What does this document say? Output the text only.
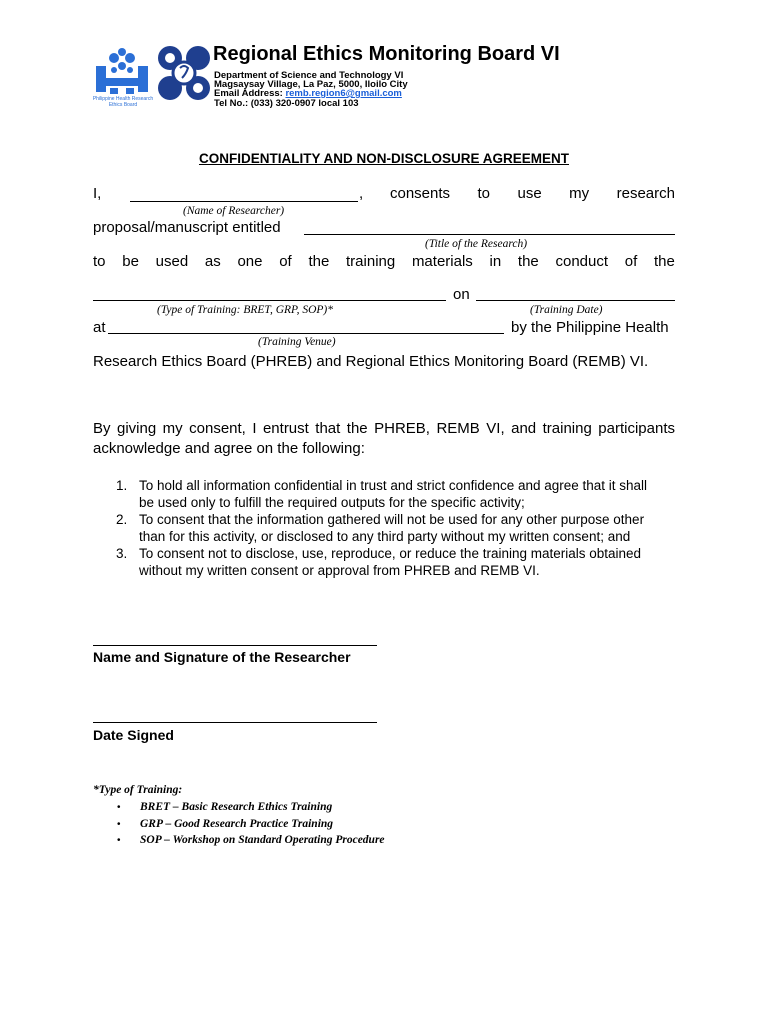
Philippine Health Research Ethics Board
Regional Ethics Monitoring Board VI
Department of Science and Technology VI
Magsaysay Village, La Paz, 5000, Iloilo City
Email Address: remb.region6@gmail.com
Tel No.: (033) 320-0907 local 103
CONFIDENTIALITY AND NON-DISCLOSURE AGREEMENT
I,	, consents to use my research
(Name of Researcher)
proposal/manuscript entitled
(Title of the Research)
to be used as one of the training materials in the conduct of the
on
(Type of Training: BRET, GRP, SOP)*	(Training Date)
at	by the Philippine Health
(Training Venue)
Research Ethics Board (PHREB) and Regional Ethics Monitoring Board (REMB) VI.
By giving my consent, I entrust that the PHREB, REMB VI, and training participants
acknowledge and agree on the following:
1. To hold all information confidential in trust and strict confidence and agree that it shall
be used only to fulfill the required outputs for the specific activity;
2. To consent that the information gathered will not be used for any other purpose other
than for this activity, or disclosed to any third party without my written consent; and
3. To consent not to disclose, use, reproduce, or reduce the training materials obtained
without my written consent or approval from PHREB and REMB VI.
Name and Signature of the Researcher
Date Signed
*Type of Training:
• BRET – Basic Research Ethics Training
• GRP – Good Research Practice Training
• SOP – Workshop on Standard Operating Procedure
